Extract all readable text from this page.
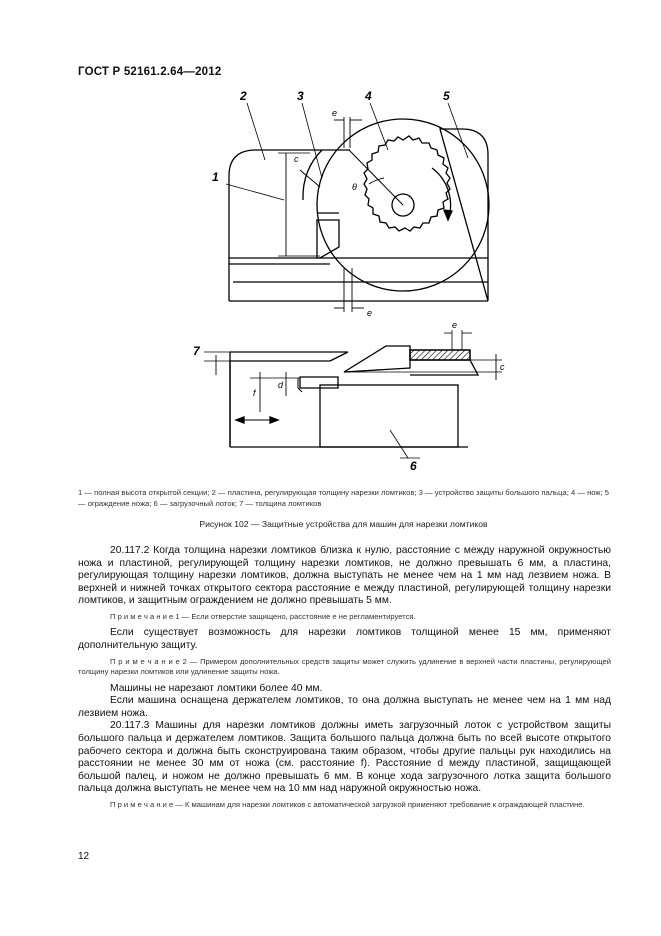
ГОСТ Р 52161.2.64—2012
2	3	4	5
1
7
6
e
c
θ
e
e
f
d
c
1 — полная высота открытой секции; 2 — пластина, регулирующая толщину нарезки ломтиков; 3 — устройство защиты большого пальца; 4 — нож; 5 — ограждение ножа; 6 — загрузочный лоток; 7 — толщина ломтиков
Рисунок 102 — Защитные устройства для машин для нарезки ломтиков

20.117.2 Когда толщина нарезки ломтиков близка к нулю, расстояние c между наружной окружностью ножа и пластиной, регулирующей толщину нарезки ломтиков, не должно превышать 6 мм, а пластина, регулирующая толщину нарезки ломтиков, должна выступать не менее чем на 1 мм над лезвием ножа. В верхней и нижней точках открытого сектора расстояние e между пластиной, регулирующей толщину нарезки ломтиков, и защитным ограждением не должно превышать 5 мм.

П р и м е ч а н и е 1 — Если отверстие защищено, расстояние e не регламентируется.

Если существует возможность для нарезки ломтиков толщиной менее 15 мм, применяют дополнительную защиту.

П р и м е ч а н и е 2 — Примером дополнительных средств защиты может служить удлинение в верхней части пластины, регулирующей толщину нарезки ломтиков или удлинение защиты ножа.

Машины не нарезают ломтики более 40 мм.

Если машина оснащена держателем ломтиков, то она должна выступать не менее чем на 1 мм над лезвием ножа.

20.117.3 Машины для нарезки ломтиков должны иметь загрузочный лоток с устройством защиты большого пальца и держателем ломтиков. Защита большого пальца должна быть по всей высоте открытого рабочего сектора и должна быть сконструирована таким образом, чтобы другие пальцы рук находились на расстоянии не менее 30 мм от ножа (см. расстояние f). Расстояние d между пластиной, защищающей большой палец, и ножом не должно превышать 6 мм. В конце хода загрузочного лотка защита большого пальца должна выступать не менее чем на 10 мм над наружной окружностью ножа.

П р и м е ч а н и е — К машинам для нарезки ломтиков с автоматической загрузкой применяют требование к ограждающей пластине.

12
